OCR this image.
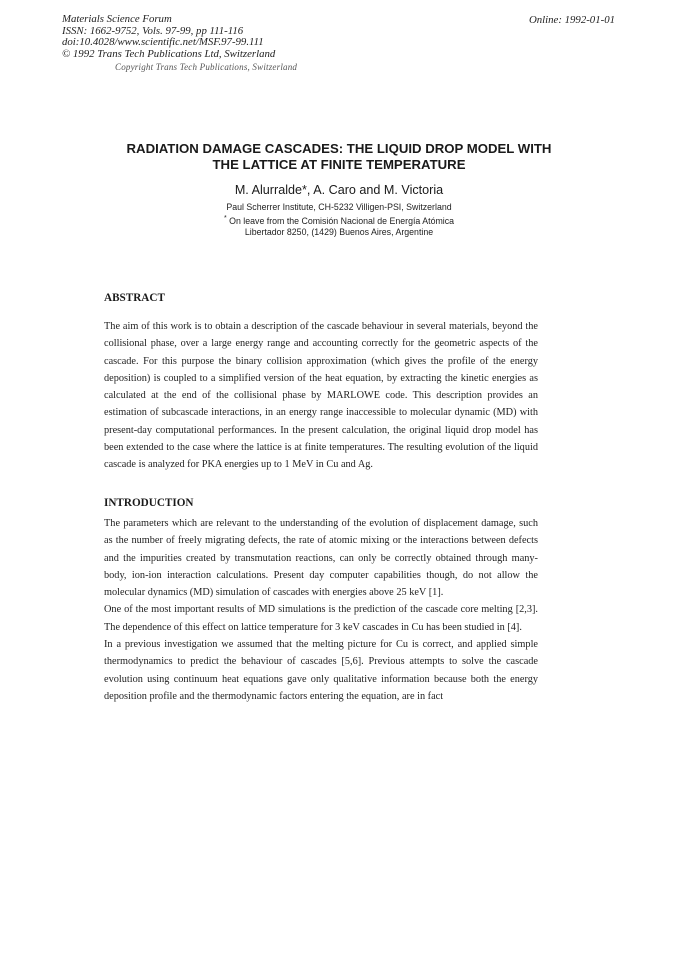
Materials Science Forum
ISSN: 1662-9752, Vols. 97-99, pp 111-116
doi:10.4028/www.scientific.net/MSF.97-99.111
© 1992 Trans Tech Publications Ltd, Switzerland
Online: 1992-01-01
Copyright Trans Tech Publications, Switzerland
RADIATION DAMAGE CASCADES: THE LIQUID DROP MODEL WITH
THE LATTICE AT FINITE TEMPERATURE
M. Alurralde*, A. Caro and M. Victoria
Paul Scherrer Institute, CH-5232 Villigen-PSI, Switzerland
* On leave from the Comisión Nacional de Energía Atómica
Libertador 8250, (1429) Buenos Aires, Argentine
ABSTRACT

The aim of this work is to obtain a description of the cascade behaviour in several materials, beyond the collisional phase, over a large energy range and accounting correctly for the geometric aspects of the cascade. For this purpose the binary collision approximation (which gives the profile of the energy deposition) is coupled to a simplified version of the heat equation, by extracting the kinetic energies as calculated at the end of the collisional phase by MARLOWE code. This description provides an estimation of subcascade interactions, in an energy range inaccessible to molecular dynamic (MD) with present-day computational performances. In the present calculation, the original liquid drop model has been extended to the case where the lattice is at finite temperatures. The resulting evolution of the liquid cascade is analyzed for PKA energies up to 1 MeV in Cu and Ag.

INTRODUCTION

The parameters which are relevant to the understanding of the evolution of displacement damage, such as the number of freely migrating defects, the rate of atomic mixing or the interactions between defects and the impurities created by transmutation reactions, can only be correctly obtained through many-body, ion-ion interaction calculations. Present day computer capabilities though, do not allow the molecular dynamics (MD) simulation of cascades with energies above 25 keV [1].

One of the most important results of MD simulations is the prediction of the cascade core melting [2,3]. The dependence of this effect on lattice temperature for 3 keV cascades in Cu has been studied in [4].

In a previous investigation we assumed that the melting picture for Cu is correct, and applied simple thermodynamics to predict the behaviour of cascades [5,6]. Previous attempts to solve the cascade evolution using continuum heat equations gave only qualitative information because both the energy deposition profile and the thermodynamic factors entering the equation, are in fact
